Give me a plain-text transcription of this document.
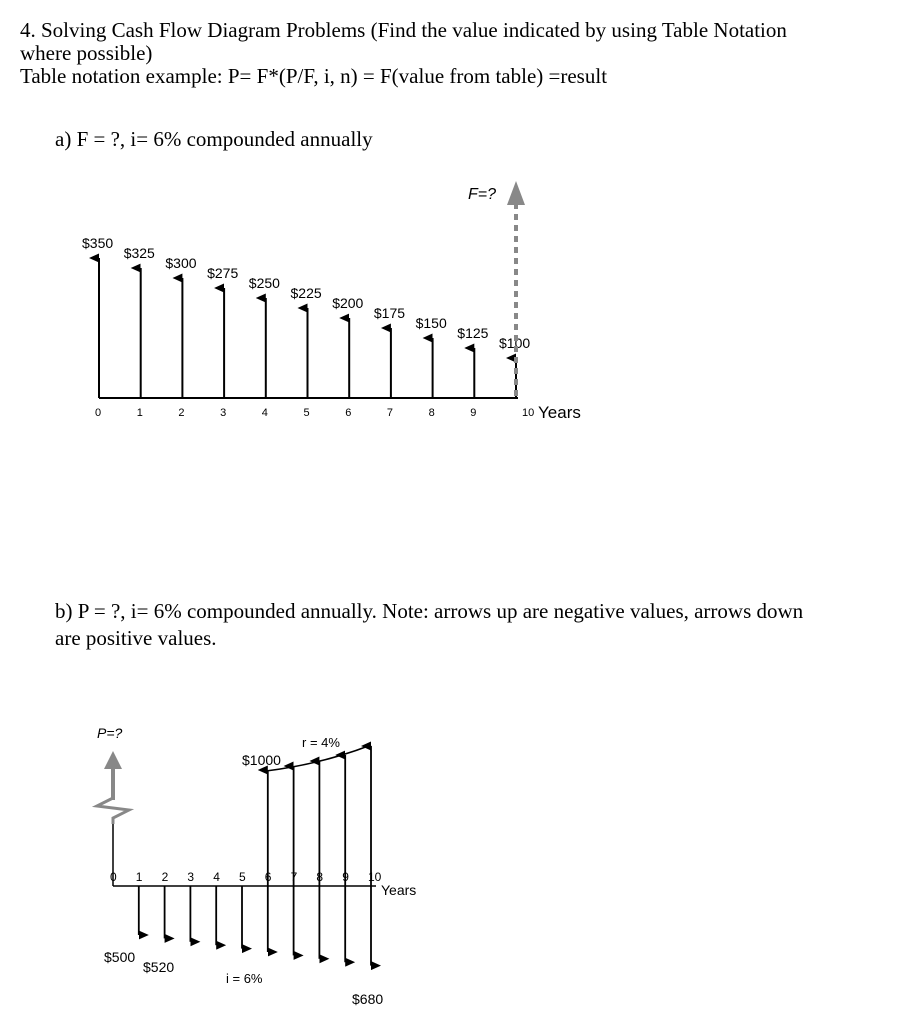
4. Solving Cash Flow Diagram Problems (Find the value indicated by using Table Notation
where possible)
Table notation example: P= F*(P/F, i, n) = F(value from table) =result
a) F = ?, i= 6% compounded annually
b) P = ?, i= 6% compounded annually. Note: arrows up are negative values, arrows down
are positive values.
$350
$325
$300
$275
$250
$225
$200
$175
$150
$125
$100
0	1	2	3	4	5	6	7	8	9	10
F=?
Years
P=?
0 1 2 3 4 5 6 7 8 9 10
r = 4%
$1000
Years
$500
$520
$680
i = 6%
